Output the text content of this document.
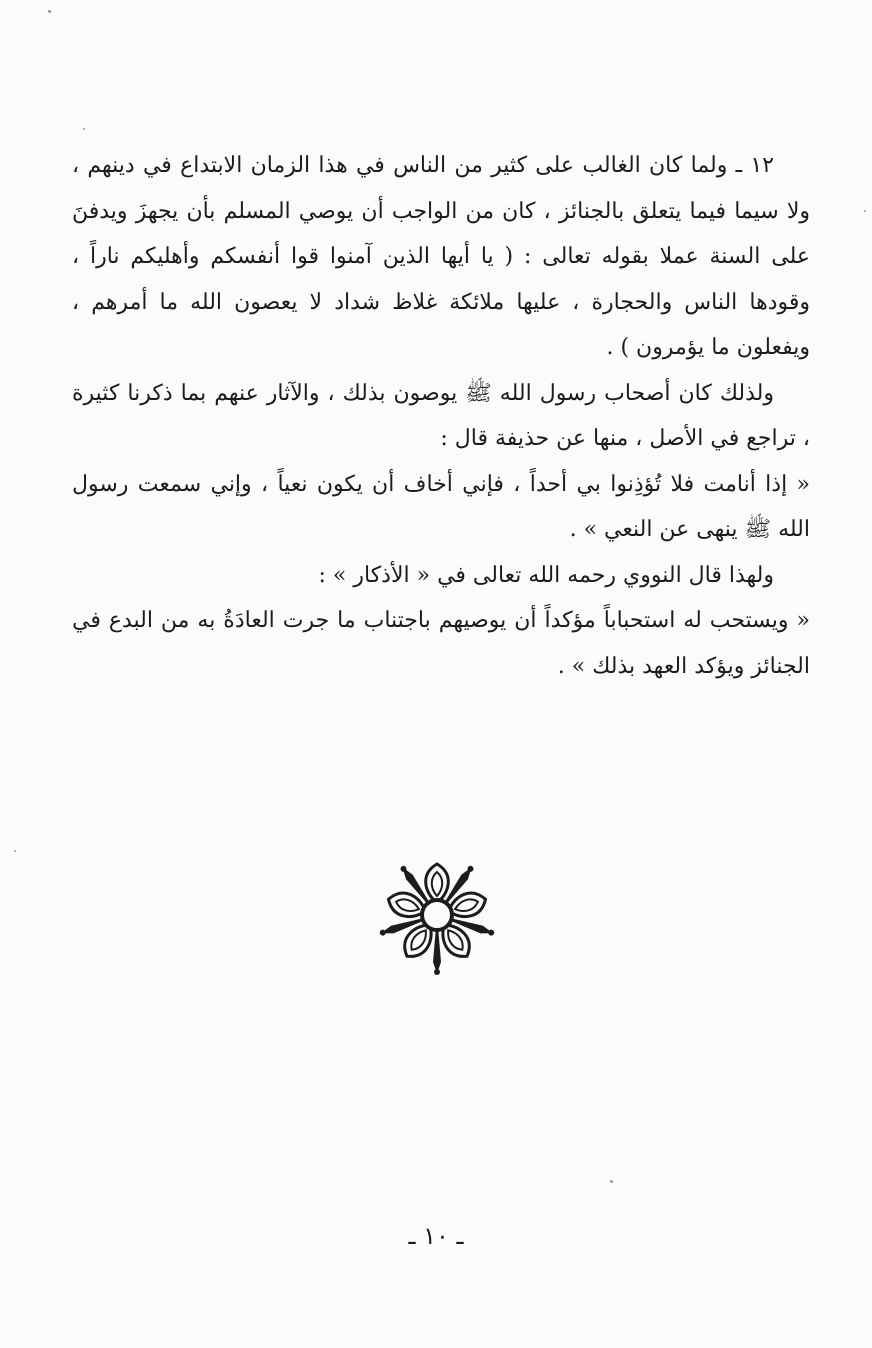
١٢ ـ ولما كان الغالب على كثير من الناس في هذا الزمان الابتداع في دينهم ، ولا سيما فيما يتعلق بالجنائز ، كان من الواجب أن يوصي المسلم بأن يجهزَ ويدفنَ على السنة عملا بقوله تعالى : ( يا أيها الذين آمنوا قوا أنفسكم وأهليكم ناراً ، وقودها الناس والحجارة ، عليها ملائكة غلاظ شداد لا يعصون الله ما أمرهم ، ويفعلون ما يؤمرون ) .

ولذلك كان أصحاب رسول الله ﷺ يوصون بذلك ، والآثار عنهم بما ذكرنا كثيرة ، تراجع في الأصل ، منها عن حذيفة قال :

« إذا أنامت فلا تُؤذِنوا بي أحداً ، فإني أخاف أن يكون نعياً ، وإني سمعت رسول الله ﷺ ينهى عن النعي » .

ولهذا قال النووي رحمه الله تعالى في « الأذكار » :

« ويستحب له استحباباً مؤكداً أن يوصيهم باجتناب ما جرت العادَةُ به من البدع في الجنائز ويؤكد العهد بذلك » .

ـ ١٠ ـ
